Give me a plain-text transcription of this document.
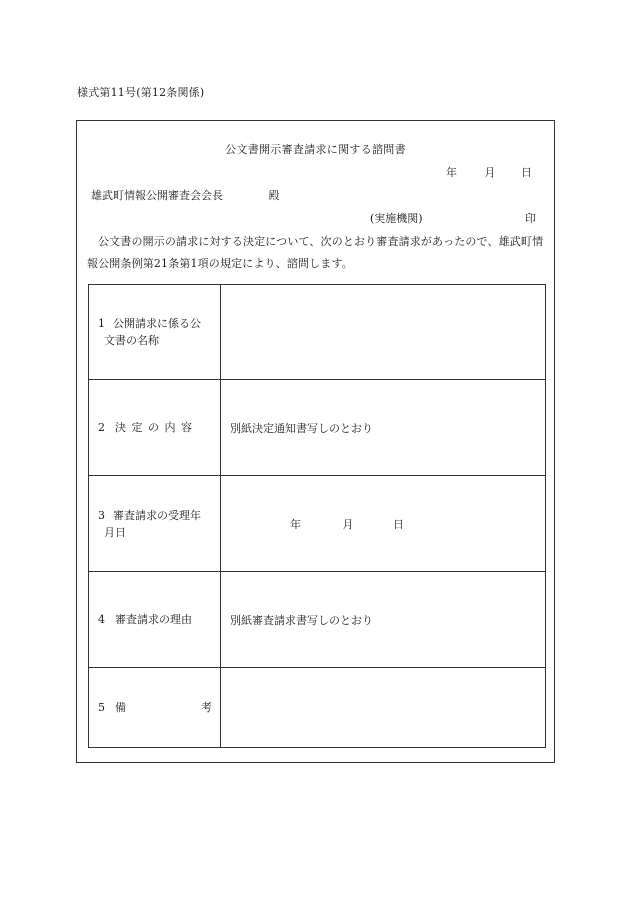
様式第11号(第12条関係)
公文書開示審査請求に関する諮問書
年	月 日
雄武町情報公開審査会会長	殿
(実施機関)	印
公文書の開示の請求に対する決定について、次のとおり審査請求があったので、雄武町情報公開条例第21条第1項の規定により、諮問します。
1 公開請求に係る公
文書の名称	

2 決 定 の 内 容	別紙決定通知書写しのとおり

3 審査請求の受理年
月日	年 月 日

4 審査請求の理由	別紙審査請求書写しのとおり

5 備 考	
